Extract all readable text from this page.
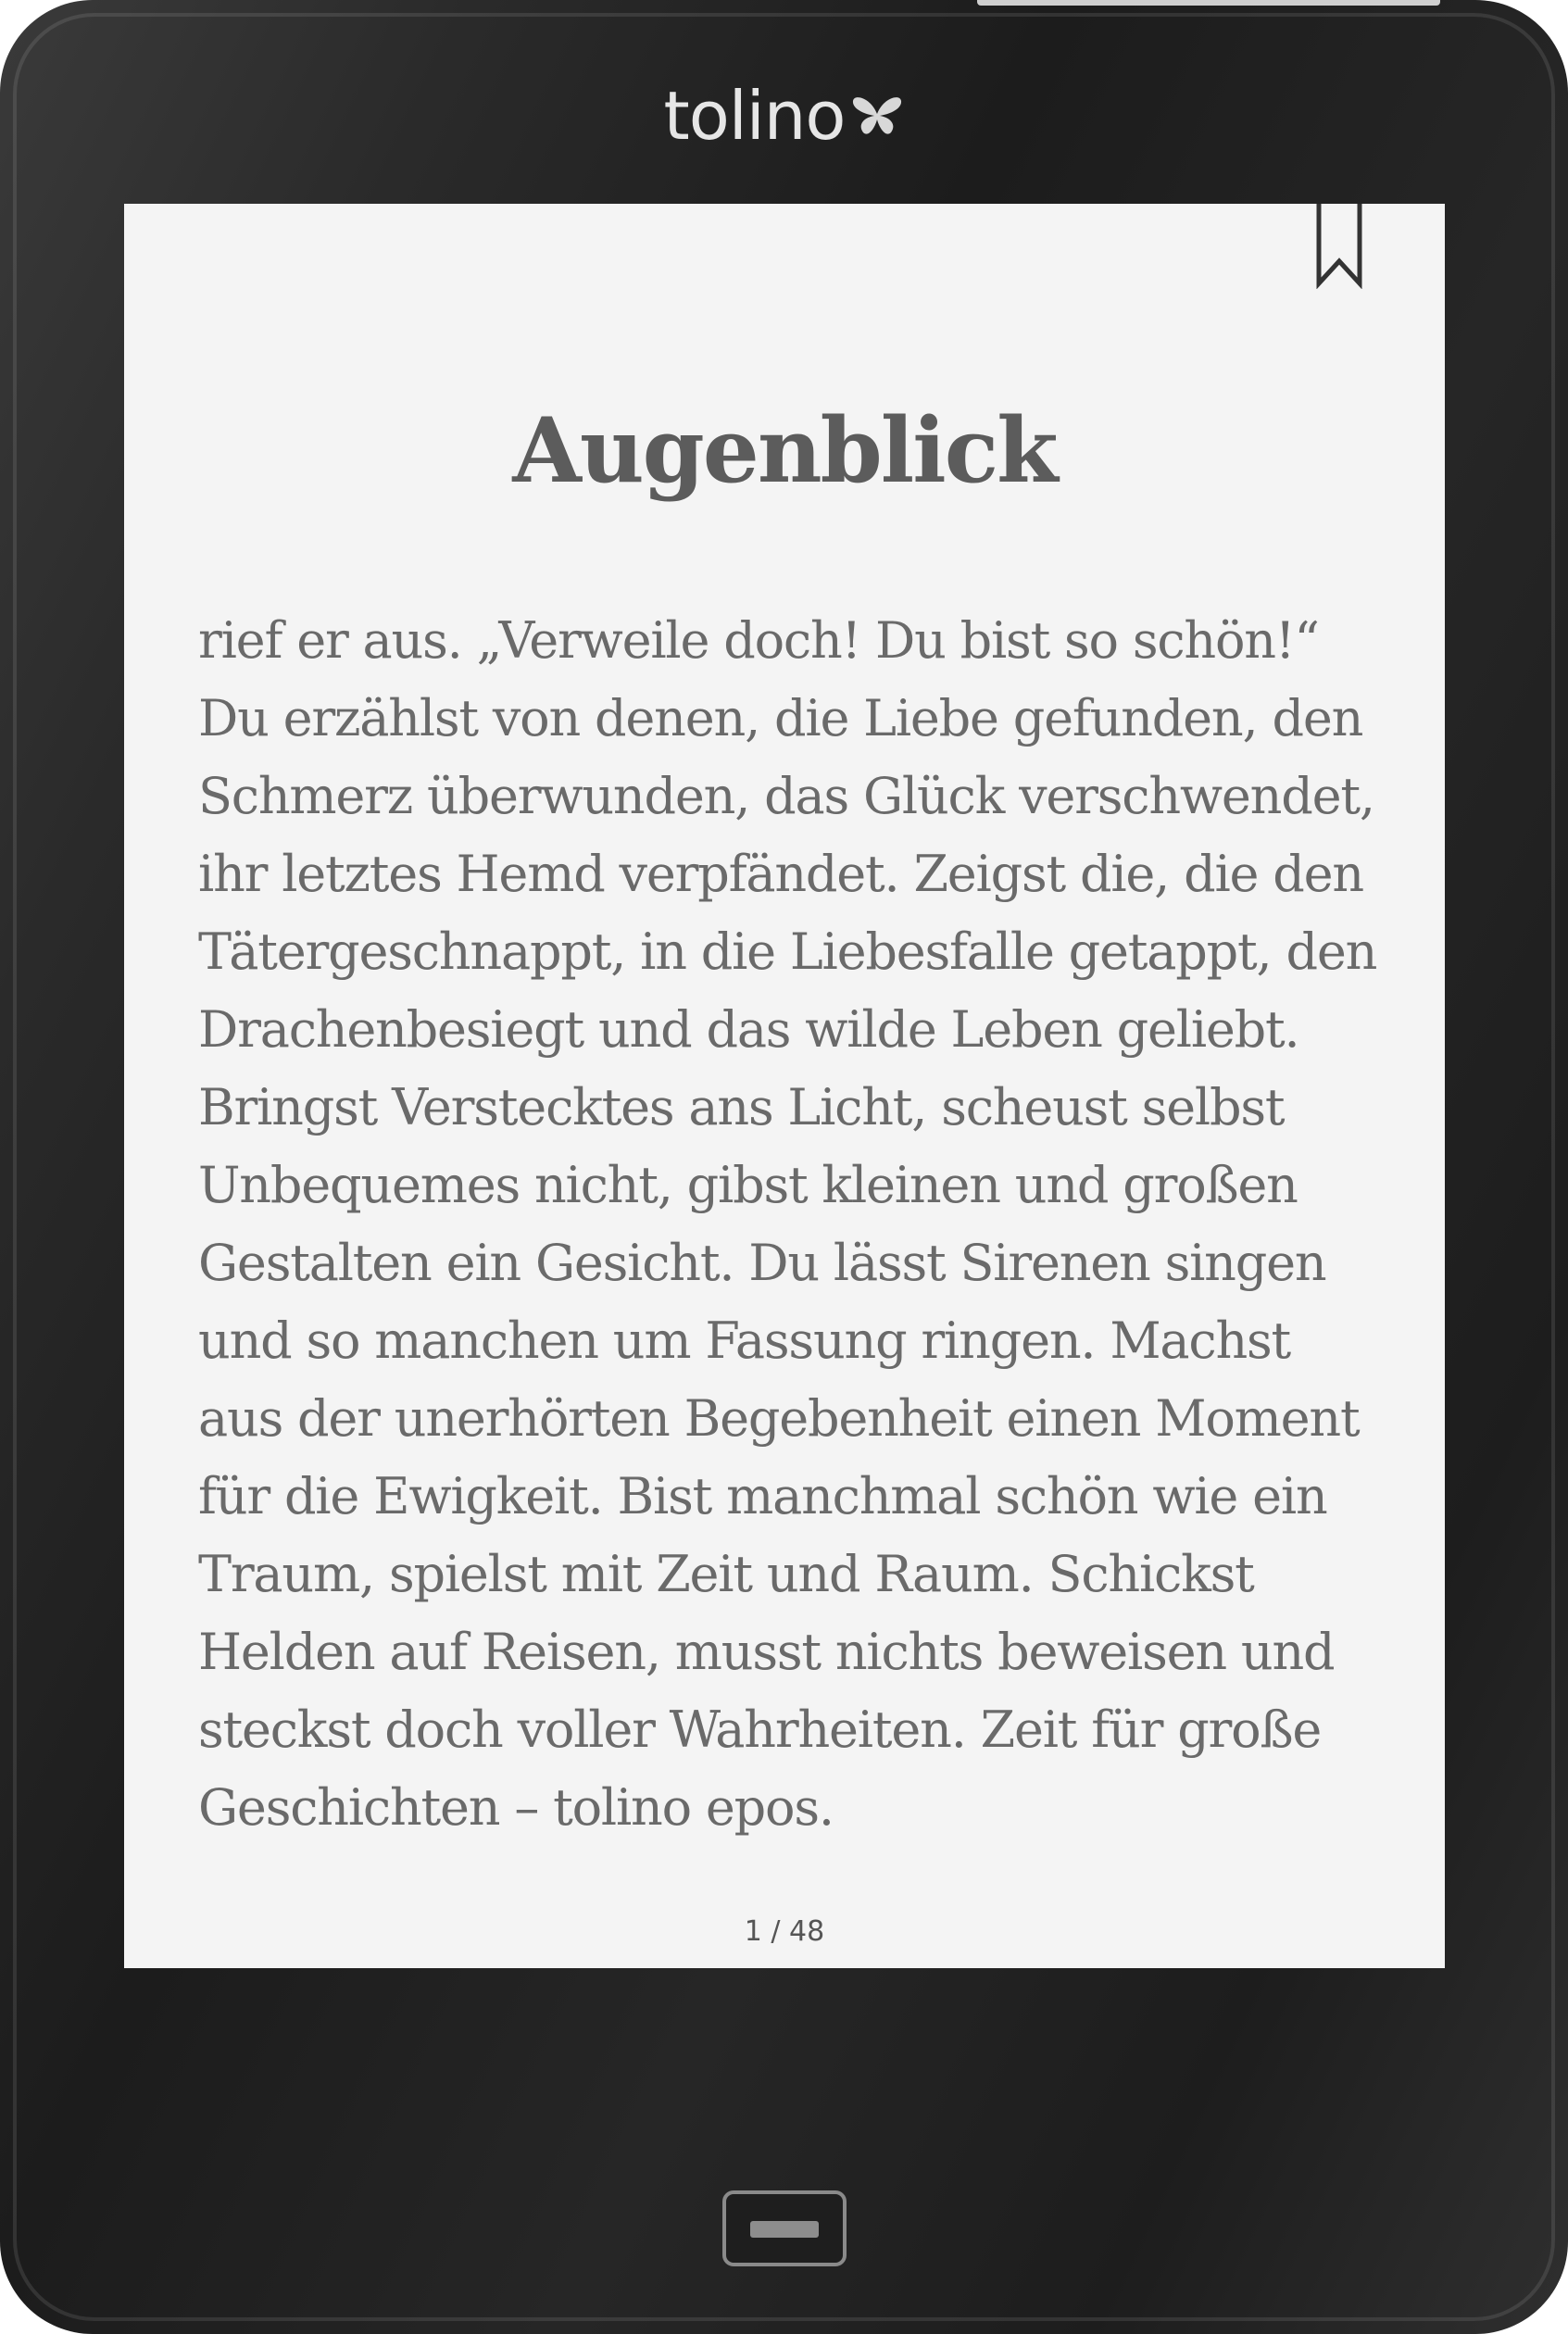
tolino
Augenblick
rief er aus. „Verweile doch! Du bist so schön!“
Du erzählst von denen, die Liebe gefunden, den
Schmerz überwunden, das Glück verschwendet,
ihr letztes Hemd verpfändet. Zeigst die, die den
Tätergeschnappt, in die Liebesfalle getappt, den
Drachenbesiegt und das wilde Leben geliebt.
Bringst Verstecktes ans Licht, scheust selbst
Unbequemes nicht, gibst kleinen und großen
Gestalten ein Gesicht. Du lässt Sirenen singen
und so manchen um Fassung ringen. Machst
aus der unerhörten Begebenheit einen Moment
für die Ewigkeit. Bist manchmal schön wie ein
Traum, spielst mit Zeit und Raum. Schickst
Helden auf Reisen, musst nichts beweisen und
steckst doch voller Wahrheiten. Zeit für große
Geschichten – tolino epos.
1 / 48
